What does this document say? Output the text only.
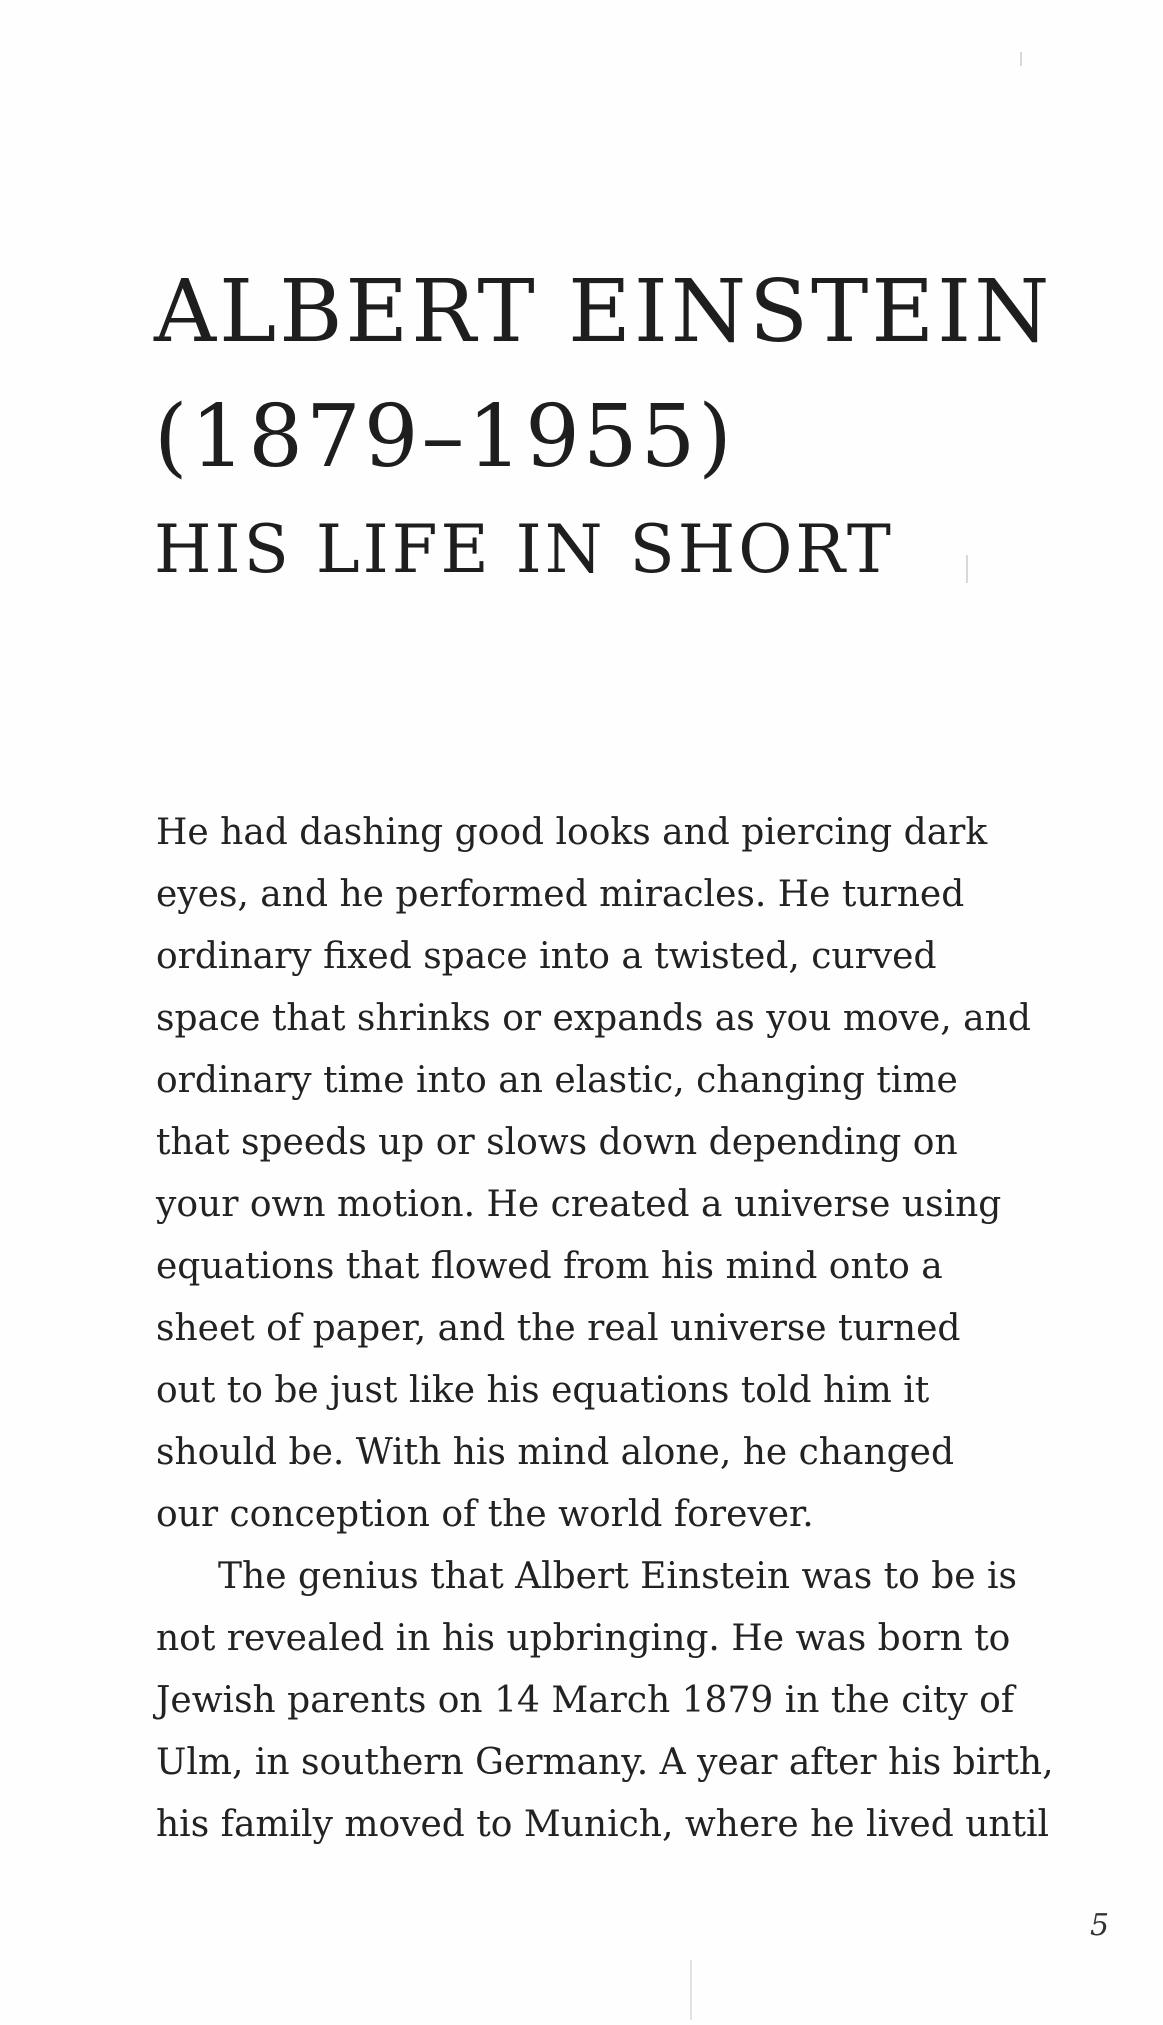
ALBERT EINSTEIN
(1879–1955)
HIS LIFE IN SHORT
He had dashing good looks and piercing dark
eyes, and he performed miracles. He turned
ordinary fixed space into a twisted, curved
space that shrinks or expands as you move, and
ordinary time into an elastic, changing time
that speeds up or slows down depending on
your own motion. He created a universe using
equations that flowed from his mind onto a
sheet of paper, and the real universe turned
out to be just like his equations told him it
should be. With his mind alone, he changed
our conception of the world forever.
The genius that Albert Einstein was to be is
not revealed in his upbringing. He was born to
Jewish parents on 14 March 1879 in the city of
Ulm, in southern Germany. A year after his birth,
his family moved to Munich, where he lived until
5
